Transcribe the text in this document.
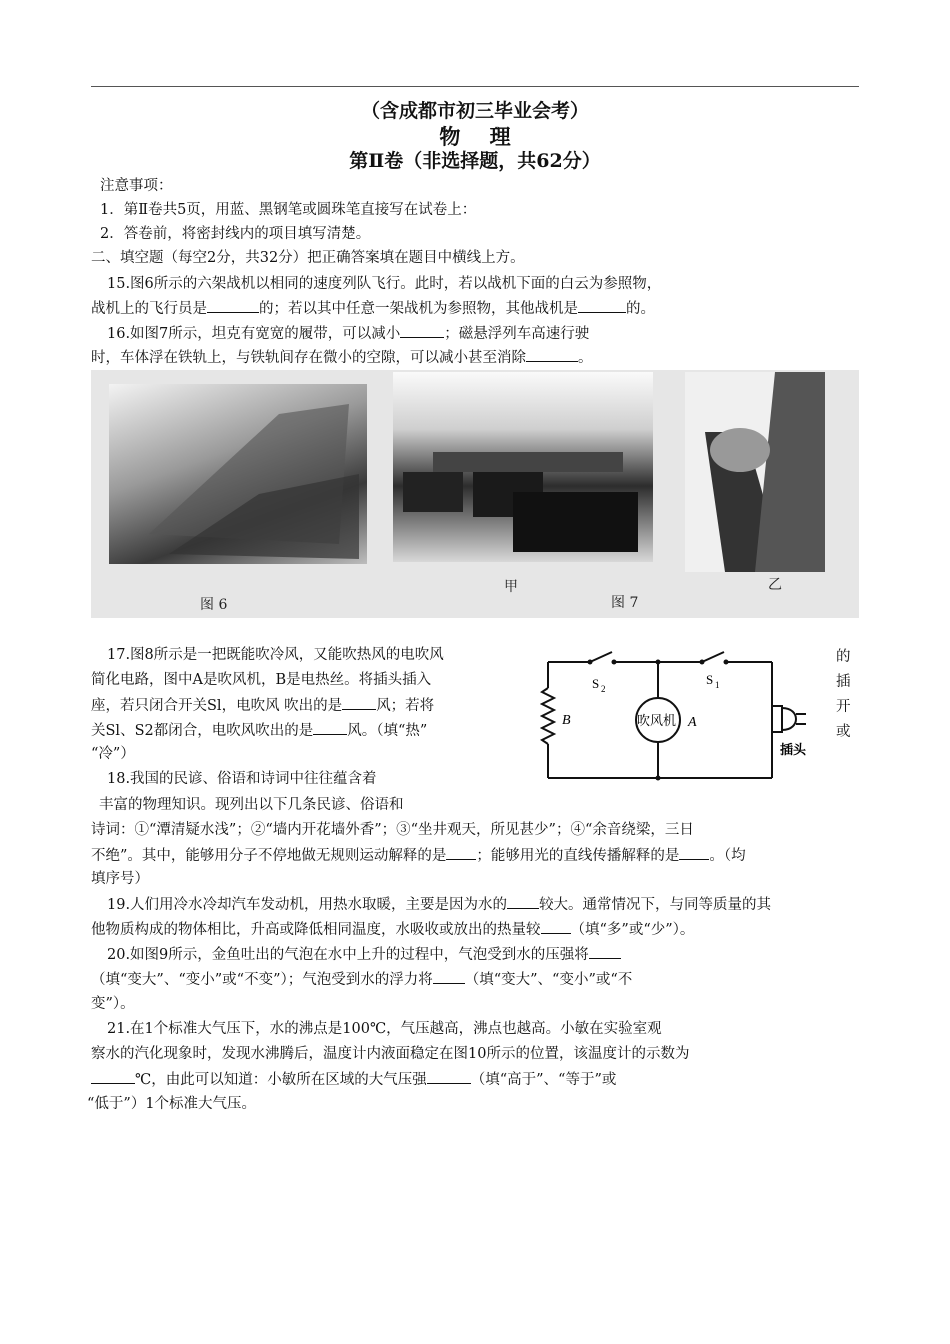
（含成都市初三毕业会考）
物    理
第Ⅱ卷（非选择题，共62分）
注意事项：
1．第Ⅱ卷共5页，用蓝、黑钢笔或圆珠笔直接写在试卷上：
2．答卷前，将密封线内的项目填写清楚。
二、填空题（每空2分，共32分）把正确答案填在题目中横线上方。
15.图6所示的六架战机以相同的速度列队飞行。此时，若以战机下面的白云为参照物，
战机上的飞行员是	的；若以其中任意一架战机为参照物，其他战机是	的。
16.如图7所示，坦克有宽宽的履带，可以减小	；磁悬浮列车高速行驶
时，车体浮在铁轨上，与铁轨间存在微小的空隙，可以减小甚至消除	。
图 6
甲
图 7
乙
17.图8所示是一把既能吹冷风，又能吹热风的电吹风
简化电路，图中A是吹风机，B是电热丝。将插头插入
座，若只闭合开关Sl，电吹风 吹出的是 风；若将
关Sl、S2都闭合，电吹风吹出的是 风。（填“热”
“冷”）
的
插
开
或
S 2
S 1
B	吹风机 A
插头
18.我国的民谚、俗语和诗词中往往蕴含着
丰富的物理知识。现列出以下几条民谚、俗语和
诗词：①“潭清疑水浅”；②“墙内开花墙外香”；③“坐井观天，所见甚少”；④“余音绕梁，三日
不绝”。其中，能够用分子不停地做无规则运动解释的是 ；能够用光的直线传播解释的是 。（均
填序号）
19.人们用冷水冷却汽车发动机，用热水取暖，主要是因为水的 较大。通常情况下，与同等质量的其
他物质构成的物体相比，升高或降低相同温度，水吸收或放出的热量较 （填“多”或“少”）。
20.如图9所示，金鱼吐出的气泡在水中上升的过程中，气泡受到水的压强将
（填“变大”、“变小”或“不变”）；气泡受到水的浮力将 （填“变大”、“变小”或“不
变”）。
21.在1个标准大气压下，水的沸点是100℃，气压越高，沸点也越高。小敏在实验室观
察水的汽化现象时，发现水沸腾后，温度计内液面稳定在图10所示的位置，该温度计的示数为
℃，由此可以知道：小敏所在区域的大气压强	（填“高于”、“等于”或
“低于”）1个标准大气压。
